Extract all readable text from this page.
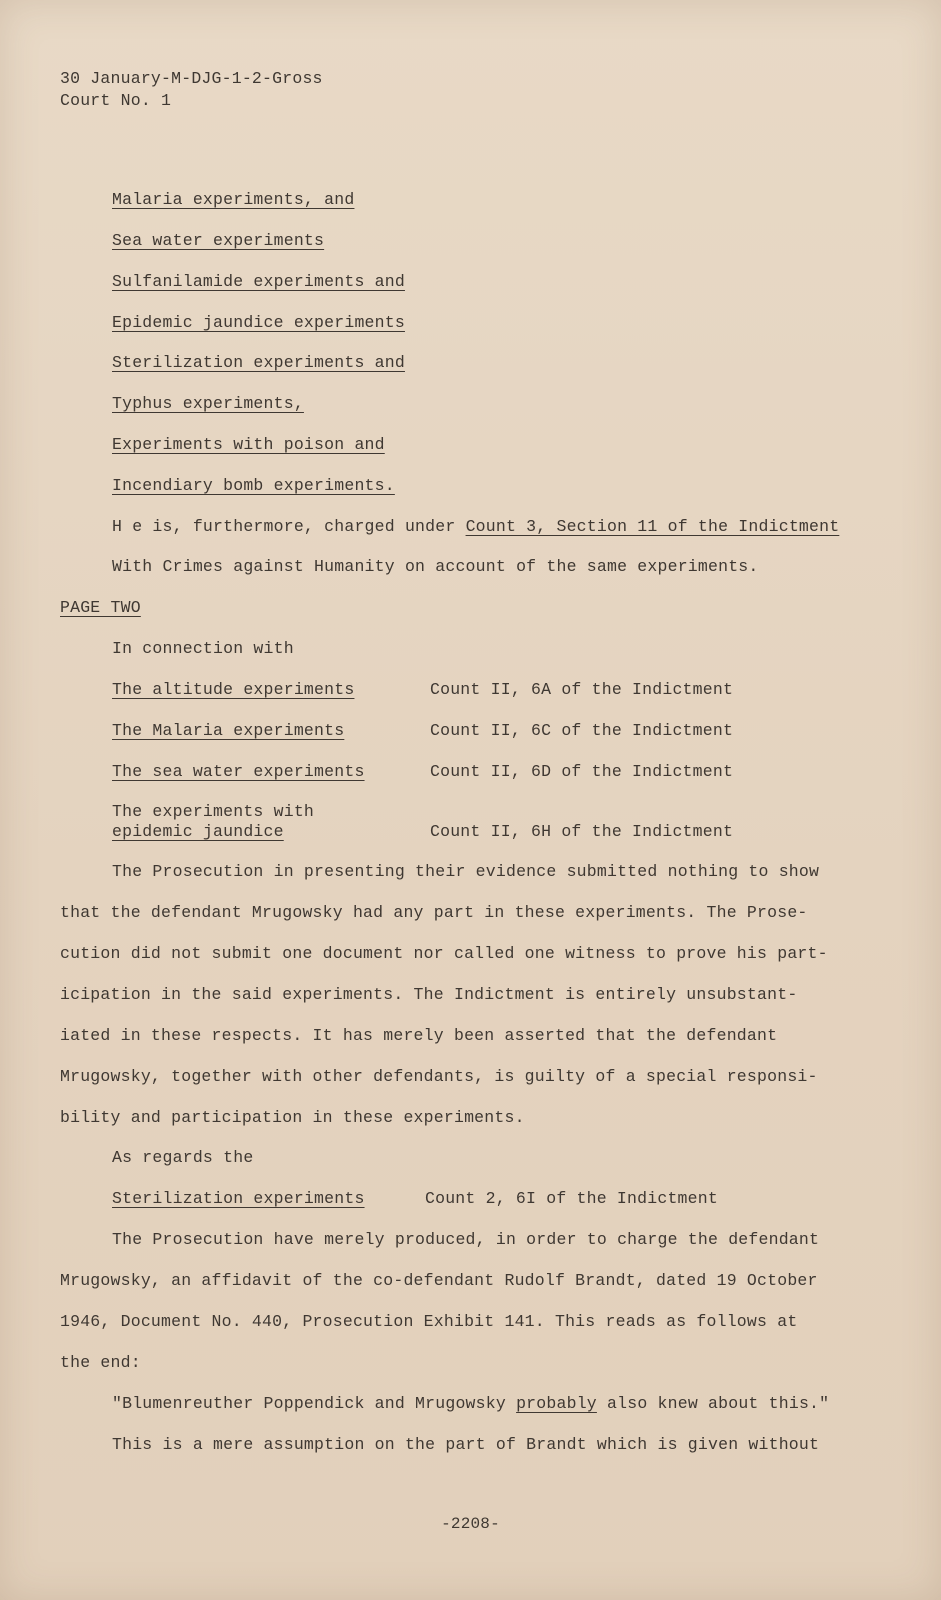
30 January-M-DJG-1-2-Gross
Court No. 1
Malaria experiments, and
Sea water experiments
Sulfanilamide experiments and
Epidemic jaundice experiments
Sterilization experiments and
Typhus experiments,
Experiments with poison and
Incendiary bomb experiments.
H e is, furthermore, charged under Count 3, Section 11 of the Indictment
With Crimes against Humanity on account of the same experiments.
PAGE TWO
In connection with
The altitude experiments	Count II, 6A of the Indictment
The Malaria experiments	Count II, 6C of the Indictment
The sea water experiments	Count II, 6D of the Indictment
The experiments with
epidemic jaundice	Count II, 6H of the Indictment
The Prosecution in presenting their evidence submitted nothing to show
that the defendant Mrugowsky had any part in these experiments. The Prose-
cution did not submit one document nor called one witness to prove his part-
icipation in the said experiments. The Indictment is entirely unsubstant-
iated in these respects. It has merely been asserted that the defendant
Mrugowsky, together with other defendants, is guilty of a special responsi-
bility and participation in these experiments.
As regards the
Sterilization experiments	Count 2, 6I of the Indictment
The Prosecution have merely produced, in order to charge the defendant
Mrugowsky, an affidavit of the co-defendant Rudolf Brandt, dated 19 October
1946, Document No. 440, Prosecution Exhibit 141. This reads as follows at
the end:
"Blumenreuther Poppendick and Mrugowsky probably also knew about this."
This is a mere assumption on the part of Brandt which is given without
-2208-
